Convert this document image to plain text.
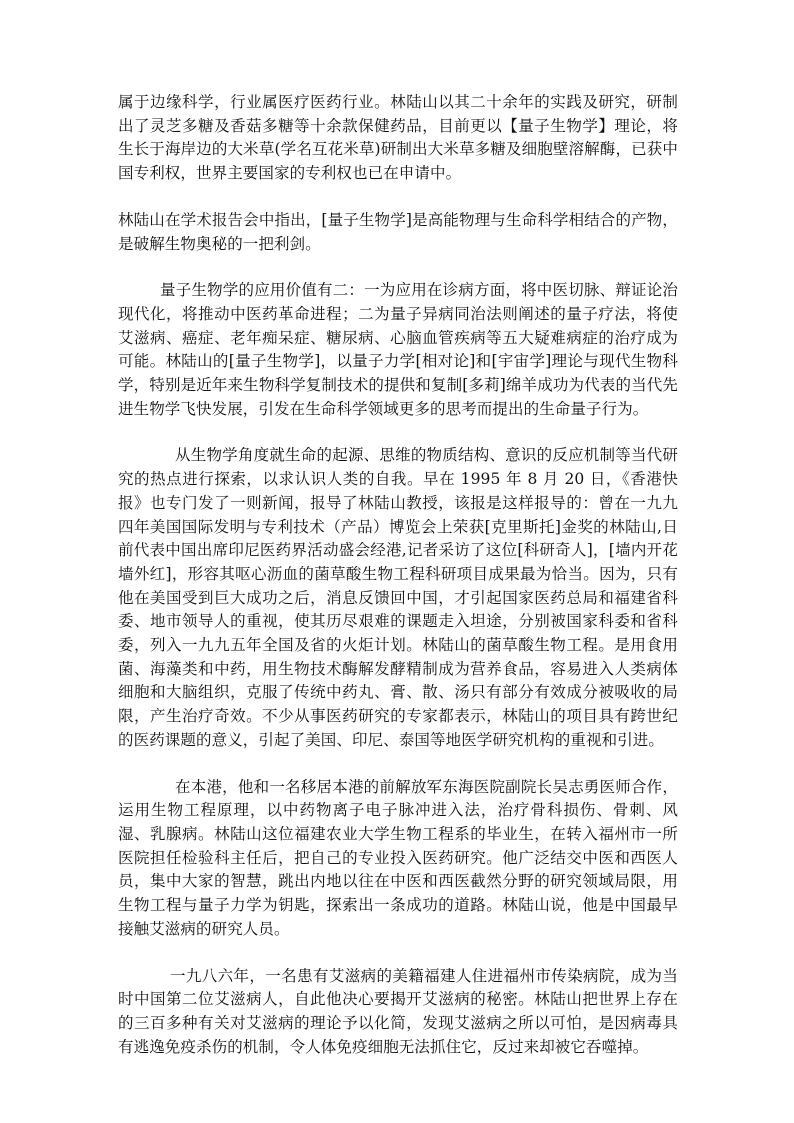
属于边缘科学，行业属医疗医药行业。林陆山以其二十余年的实践及研究，研制出了灵芝多糖及香菇多糖等十余款保健药品，目前更以【量子生物学】理论，将生长于海岸边的大米草(学名互花米草)研制出大米草多糖及细胞壁溶解酶，已获中国专利权，世界主要国家的专利权也已在申请中。

林陆山在学术报告会中指出，[量子生物学]是高能物理与生命科学相结合的产物，是破解生物奥秘的一把利剑。

量子生物学的应用价值有二：一为应用在诊病方面，将中医切脉、辩证论治现代化，将推动中医药革命进程；二为量子异病同治法则阐述的量子疗法，将使艾滋病、癌症、老年痴呆症、糖尿病、心脑血管疾病等五大疑难病症的治疗成为可能。林陆山的[量子生物学]，以量子力学[相对论]和[宇宙学]理论与现代生物科学，特别是近年来生物科学复制技术的提供和复制[多莉]绵羊成功为代表的当代先进生物学飞快发展，引发在生命科学领域更多的思考而提出的生命量子行为。

从生物学角度就生命的起源、思维的物质结构、意识的反应机制等当代研究的热点进行探索，以求认识人类的自我。早在 1995 年 8 月 20 日，《香港快报》也专门发了一则新闻，报导了林陆山教授，该报是这样报导的：曾在一九九四年美国国际发明与专利技术（产品）博览会上荣获[克里斯托]金奖的林陆山,日前代表中国出席印尼医药界活动盛会经港,记者采访了这位[科研奇人]，[墙内开花墙外红]，形容其呕心沥血的菌草酸生物工程科研项目成果最为恰当。因为，只有他在美国受到巨大成功之后，消息反馈回中国，才引起国家医药总局和福建省科委、地市领导人的重视，使其历尽艰难的课题走入坦途，分别被国家科委和省科委，列入一九九五年全国及省的火炬计划。林陆山的菌草酸生物工程。是用食用菌、海藻类和中药，用生物技术酶解发酵精制成为营养食品，容易进入人类病体细胞和大脑组织，克服了传统中药丸、膏、散、汤只有部分有效成分被吸收的局限，产生治疗奇效。不少从事医药研究的专家都表示，林陆山的项目具有跨世纪的医药课题的意义，引起了美国、印尼、泰国等地医学研究机构的重视和引进。

在本港，他和一名移居本港的前解放军东海医院副院长吴志勇医师合作，运用生物工程原理，以中药物离子电子脉冲进入法，治疗骨科损伤、骨刺、风湿、乳腺病。林陆山这位福建农业大学生物工程系的毕业生，在转入福州市一所医院担任检验科主任后，把自己的专业投入医药研究。他广泛结交中医和西医人员，集中大家的智慧，跳出内地以往在中医和西医截然分野的研究领域局限，用生物工程与量子力学为钥匙，探索出一条成功的道路。林陆山说，他是中国最早接触艾滋病的研究人员。

一九八六年，一名患有艾滋病的美籍福建人住进福州市传染病院，成为当时中国第二位艾滋病人，自此他决心要揭开艾滋病的秘密。林陆山把世界上存在的三百多种有关对艾滋病的理论予以化简，发现艾滋病之所以可怕，是因病毒具有逃逸免疫杀伤的机制，令人体免疫细胞无法抓住它，反过来却被它吞噬掉。
